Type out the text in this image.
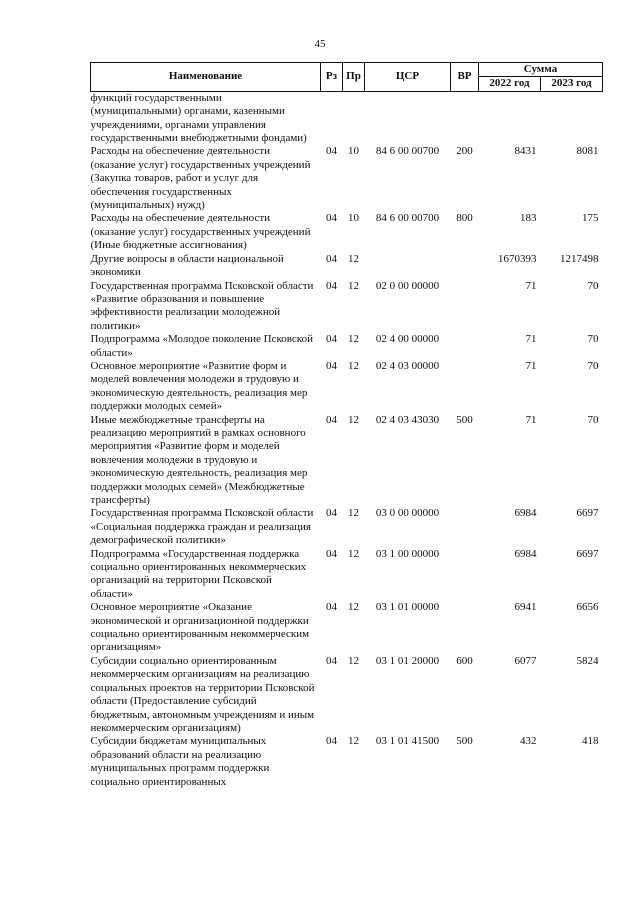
45
Наименование	Рз	Пр	ЦСР	ВР	Сумма	
					2022 год	2023 год
функций государственными (муниципальными) органами, казенными учреждениями, органами управления государственными внебюджетными фондами)						
Расходы на обеспечение деятельности (оказание услуг) государственных учреждений (Закупка товаров, работ и услуг для обеспечения государственных (муниципальных) нужд)	04	10	84 6 00 00700	200	8431	8081
Расходы на обеспечение деятельности (оказание услуг) государственных учреждений (Иные бюджетные ассигнования)	04	10	84 6 00 00700	800	183	175
Другие вопросы в области национальной экономики	04	12			1670393	1217498
Государственная программа Псковской области «Развитие образования и повышение эффективности реализации молодежной политики»	04	12	02 0 00 00000		71	70
Подпрограмма «Молодое поколение Псковской области»	04	12	02 4 00 00000		71	70
Основное мероприятие «Развитие форм и моделей вовлечения молодежи в трудовую и экономическую деятельность, реализация мер поддержки молодых семей»	04	12	02 4 03 00000		71	70
Иные межбюджетные трансферты на реализацию мероприятий в рамках основного мероприятия «Развитие форм и моделей вовлечения молодежи в трудовую и экономическую деятельность, реализация мер поддержки молодых семей» (Межбюджетные трансферты)	04	12	02 4 03 43030	500	71	70
Государственная программа Псковской области «Социальная поддержка граждан и реализация демографической политики»	04	12	03 0 00 00000		6984	6697
Подпрограмма «Государственная поддержка социально ориентированных некоммерческих организаций на территории Псковской области»	04	12	03 1 00 00000		6984	6697
Основное мероприятие «Оказание экономической и организационной поддержки социально ориентированным некоммерческим организациям»	04	12	03 1 01 00000		6941	6656
Субсидии социально ориентированным некоммерческим организациям на реализацию социальных проектов на территории Псковской области (Предоставление субсидий бюджетным, автономным учреждениям и иным некоммерческим организациям)	04	12	03 1 01 20000	600	6077	5824
Субсидии бюджетам муниципальных образований области на реализацию муниципальных программ поддержки социально ориентированных	04	12	03 1 01 41500	500	432	418
